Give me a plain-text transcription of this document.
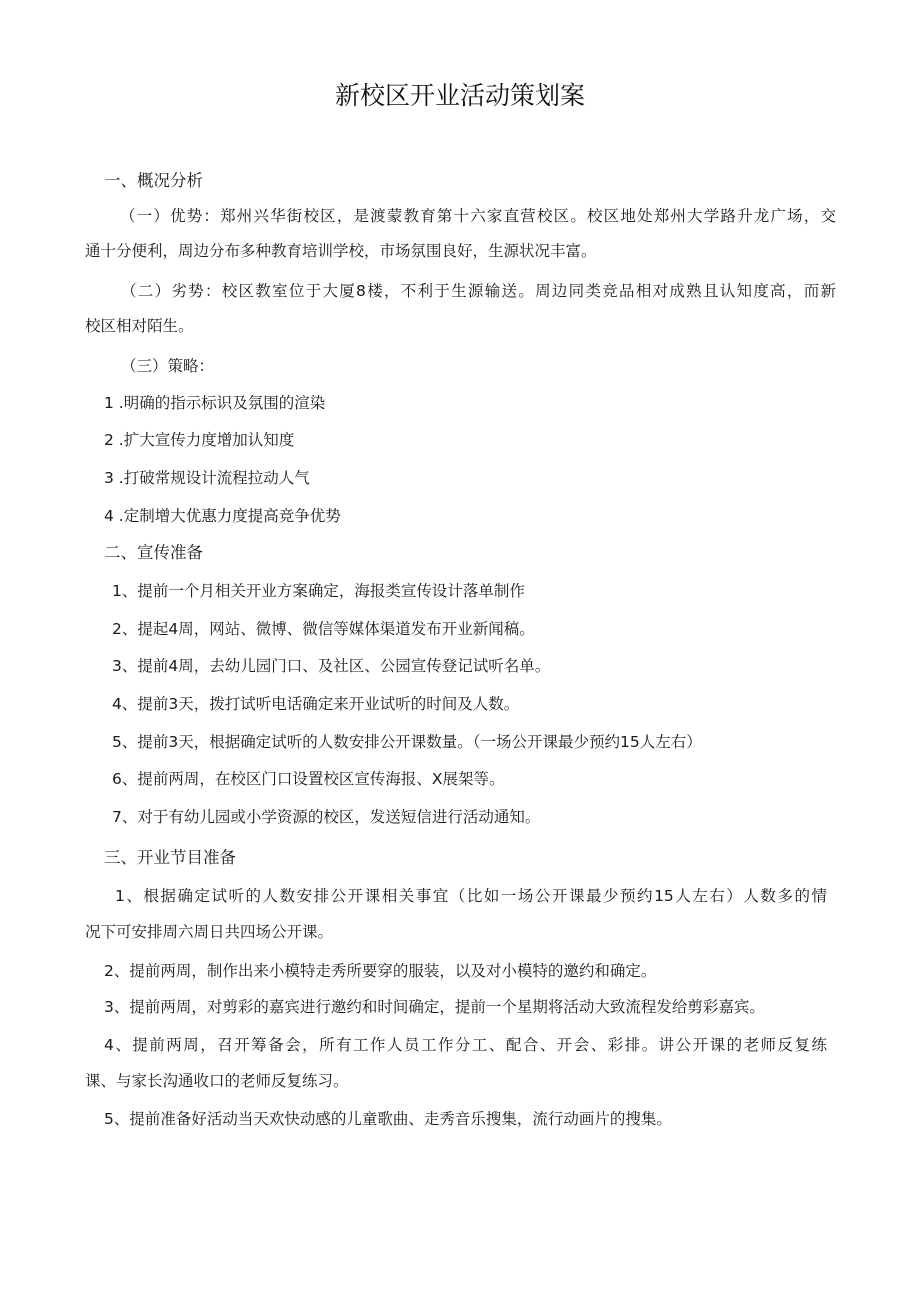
新校区开业活动策划案
一、概况分析
（一）优势：郑州兴华街校区，是渡蒙教育第十六家直营校区。校区地处郑州大学路升龙广场，交
通十分便利，周边分布多种教育培训学校，市场氛围良好，生源状况丰富。
（二）劣势：校区教室位于大厦8楼，不利于生源输送。周边同类竞品相对成熟且认知度高，而新
校区相对陌生。
（三）策略：
1 .明确的指示标识及氛围的渲染
2 .扩大宣传力度增加认知度
3 .打破常规设计流程拉动人气
4 .定制增大优惠力度提高竞争优势
二、宣传准备
1、提前一个月相关开业方案确定，海报类宣传设计落单制作
2、提起4周，网站、微博、微信等媒体渠道发布开业新闻稿。
3、提前4周，去幼儿园门口、及社区、公园宣传登记试听名单。
4、提前3天，拨打试听电话确定来开业试听的时间及人数。
5、提前3天，根据确定试听的人数安排公开课数量。（一场公开课最少预约15人左右）
6、提前两周，在校区门口设置校区宣传海报、X展架等。
7、对于有幼儿园或小学资源的校区，发送短信进行活动通知。
三、开业节目准备
1、根据确定试听的人数安排公开课相关事宜（比如一场公开课最少预约15人左右）人数多的情
况下可安排周六周日共四场公开课。
2、提前两周，制作出来小模特走秀所要穿的服装，以及对小模特的邀约和确定。
3、提前两周，对剪彩的嘉宾进行邀约和时间确定，提前一个星期将活动大致流程发给剪彩嘉宾。
4、提前两周，召开筹备会，所有工作人员工作分工、配合、开会、彩排。讲公开课的老师反复练
课、与家长沟通收口的老师反复练习。
5、提前准备好活动当天欢快动感的儿童歌曲、走秀音乐搜集，流行动画片的搜集。
